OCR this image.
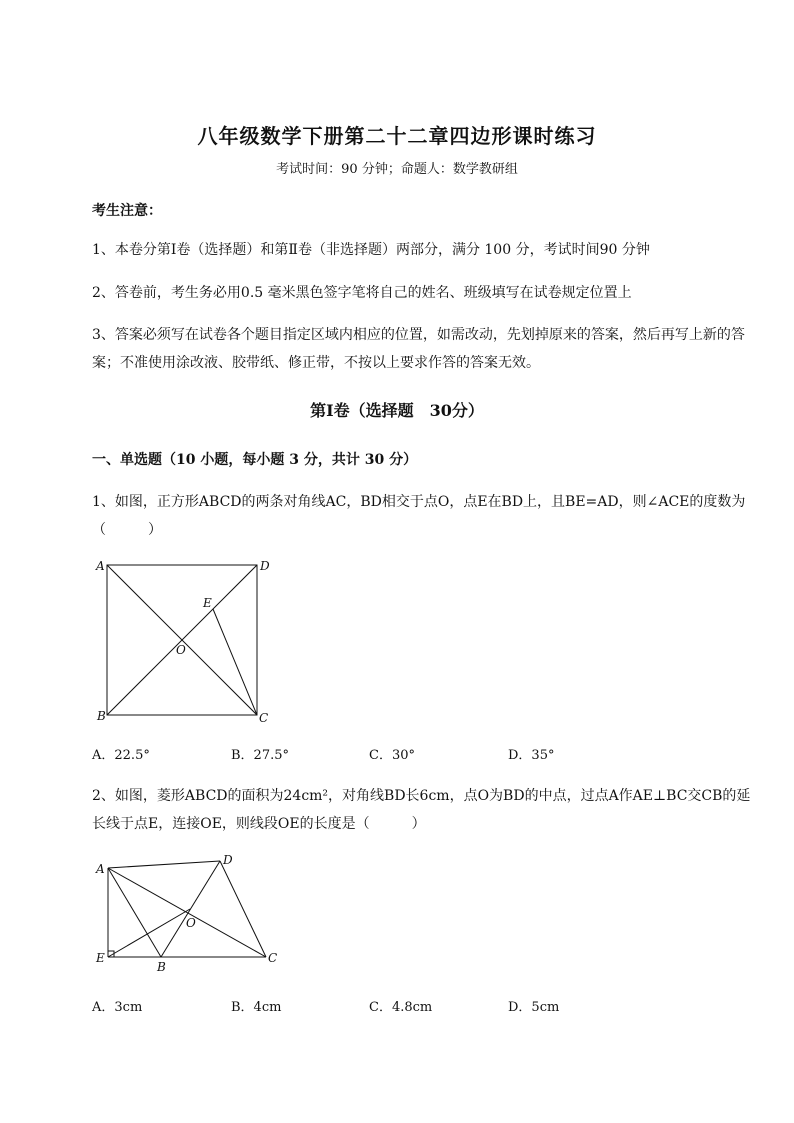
八年级数学下册第二十二章四边形课时练习
考试时间：90 分钟；命题人：数学教研组
考生注意：
1、本卷分第Ⅰ卷（选择题）和第Ⅱ卷（非选择题）两部分，满分 100 分，考试时间90 分钟
2、答卷前，考生务必用0.5 毫米黑色签字笔将自己的姓名、班级填写在试卷规定位置上
3、答案必须写在试卷各个题目指定区域内相应的位置，如需改动，先划掉原来的答案，然后再写上新的答案；不准使用涂改液、胶带纸、修正带，不按以上要求作答的答案无效。
第Ⅰ卷（选择题　30分）
一、单选题（10 小题，每小题 3 分，共计 30 分）
1、如图，正方形ABCD的两条对角线AC，BD相交于点O，点E在BD上，且BE=AD，则∠ACE的度数为（　　　）
A
B	C
D
E
O
A．22.5°	B．27.5°	C．30°	D．35°
2、如图，菱形ABCD的面积为24cm²，对角线BD长6cm，点O为BD的中点，过点A作AE⊥BC交CB的延长线于点E，连接OE，则线段OE的长度是（　　　）
A
B
C
D
E
O
A．3cm	B．4cm	C．4.8cm	D．5cm
